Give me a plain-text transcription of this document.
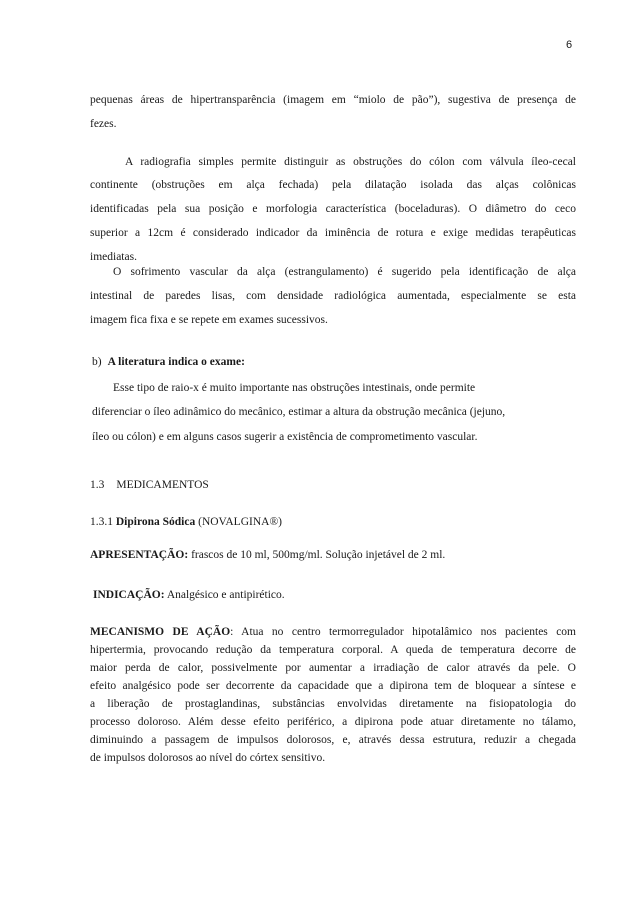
6
pequenas áreas de hipertransparência (imagem em “miolo de pão”), sugestiva de presença de
fezes.
A radiografia simples permite distinguir as obstruções do cólon com válvula íleo-cecal
continente (obstruções em alça fechada) pela dilatação isolada das alças colônicas
identificadas pela sua posição e morfologia característica (boceladuras). O diâmetro do ceco
superior a 12cm é considerado indicador da iminência de rotura e exige medidas terapêuticas
imediatas.
O sofrimento vascular da alça (estrangulamento) é sugerido pela identificação de alça
intestinal de paredes lisas, com densidade radiológica aumentada, especialmente se esta
imagem fica fixa e se repete em exames sucessivos.
b) A literatura indica o exame:
Esse tipo de raio-x é muito importante nas obstruções intestinais, onde permite
diferenciar o íleo adinâmico do mecânico, estimar a altura da obstrução mecânica (jejuno,
íleo ou cólon) e em alguns casos sugerir a existência de comprometimento vascular.
1.3 MEDICAMENTOS
1.3.1 Dipirona Sódica (NOVALGINA®)
APRESENTAÇÃO: frascos de 10 ml, 500mg/ml. Solução injetável de 2 ml.
INDICAÇÃO: Analgésico e antipirético.
MECANISMO DE AÇÃO: Atua no centro termorregulador hipotalâmico nos pacientes com
hipertermia, provocando redução da temperatura corporal. A queda de temperatura decorre de
maior perda de calor, possivelmente por aumentar a irradiação de calor através da pele. O
efeito analgésico pode ser decorrente da capacidade que a dipirona tem de bloquear a síntese e
a liberação de prostaglandinas, substâncias envolvidas diretamente na fisiopatologia do
processo doloroso. Além desse efeito periférico, a dipirona pode atuar diretamente no tálamo,
diminuindo a passagem de impulsos dolorosos, e, através dessa estrutura, reduzir a chegada
de impulsos dolorosos ao nível do córtex sensitivo.
